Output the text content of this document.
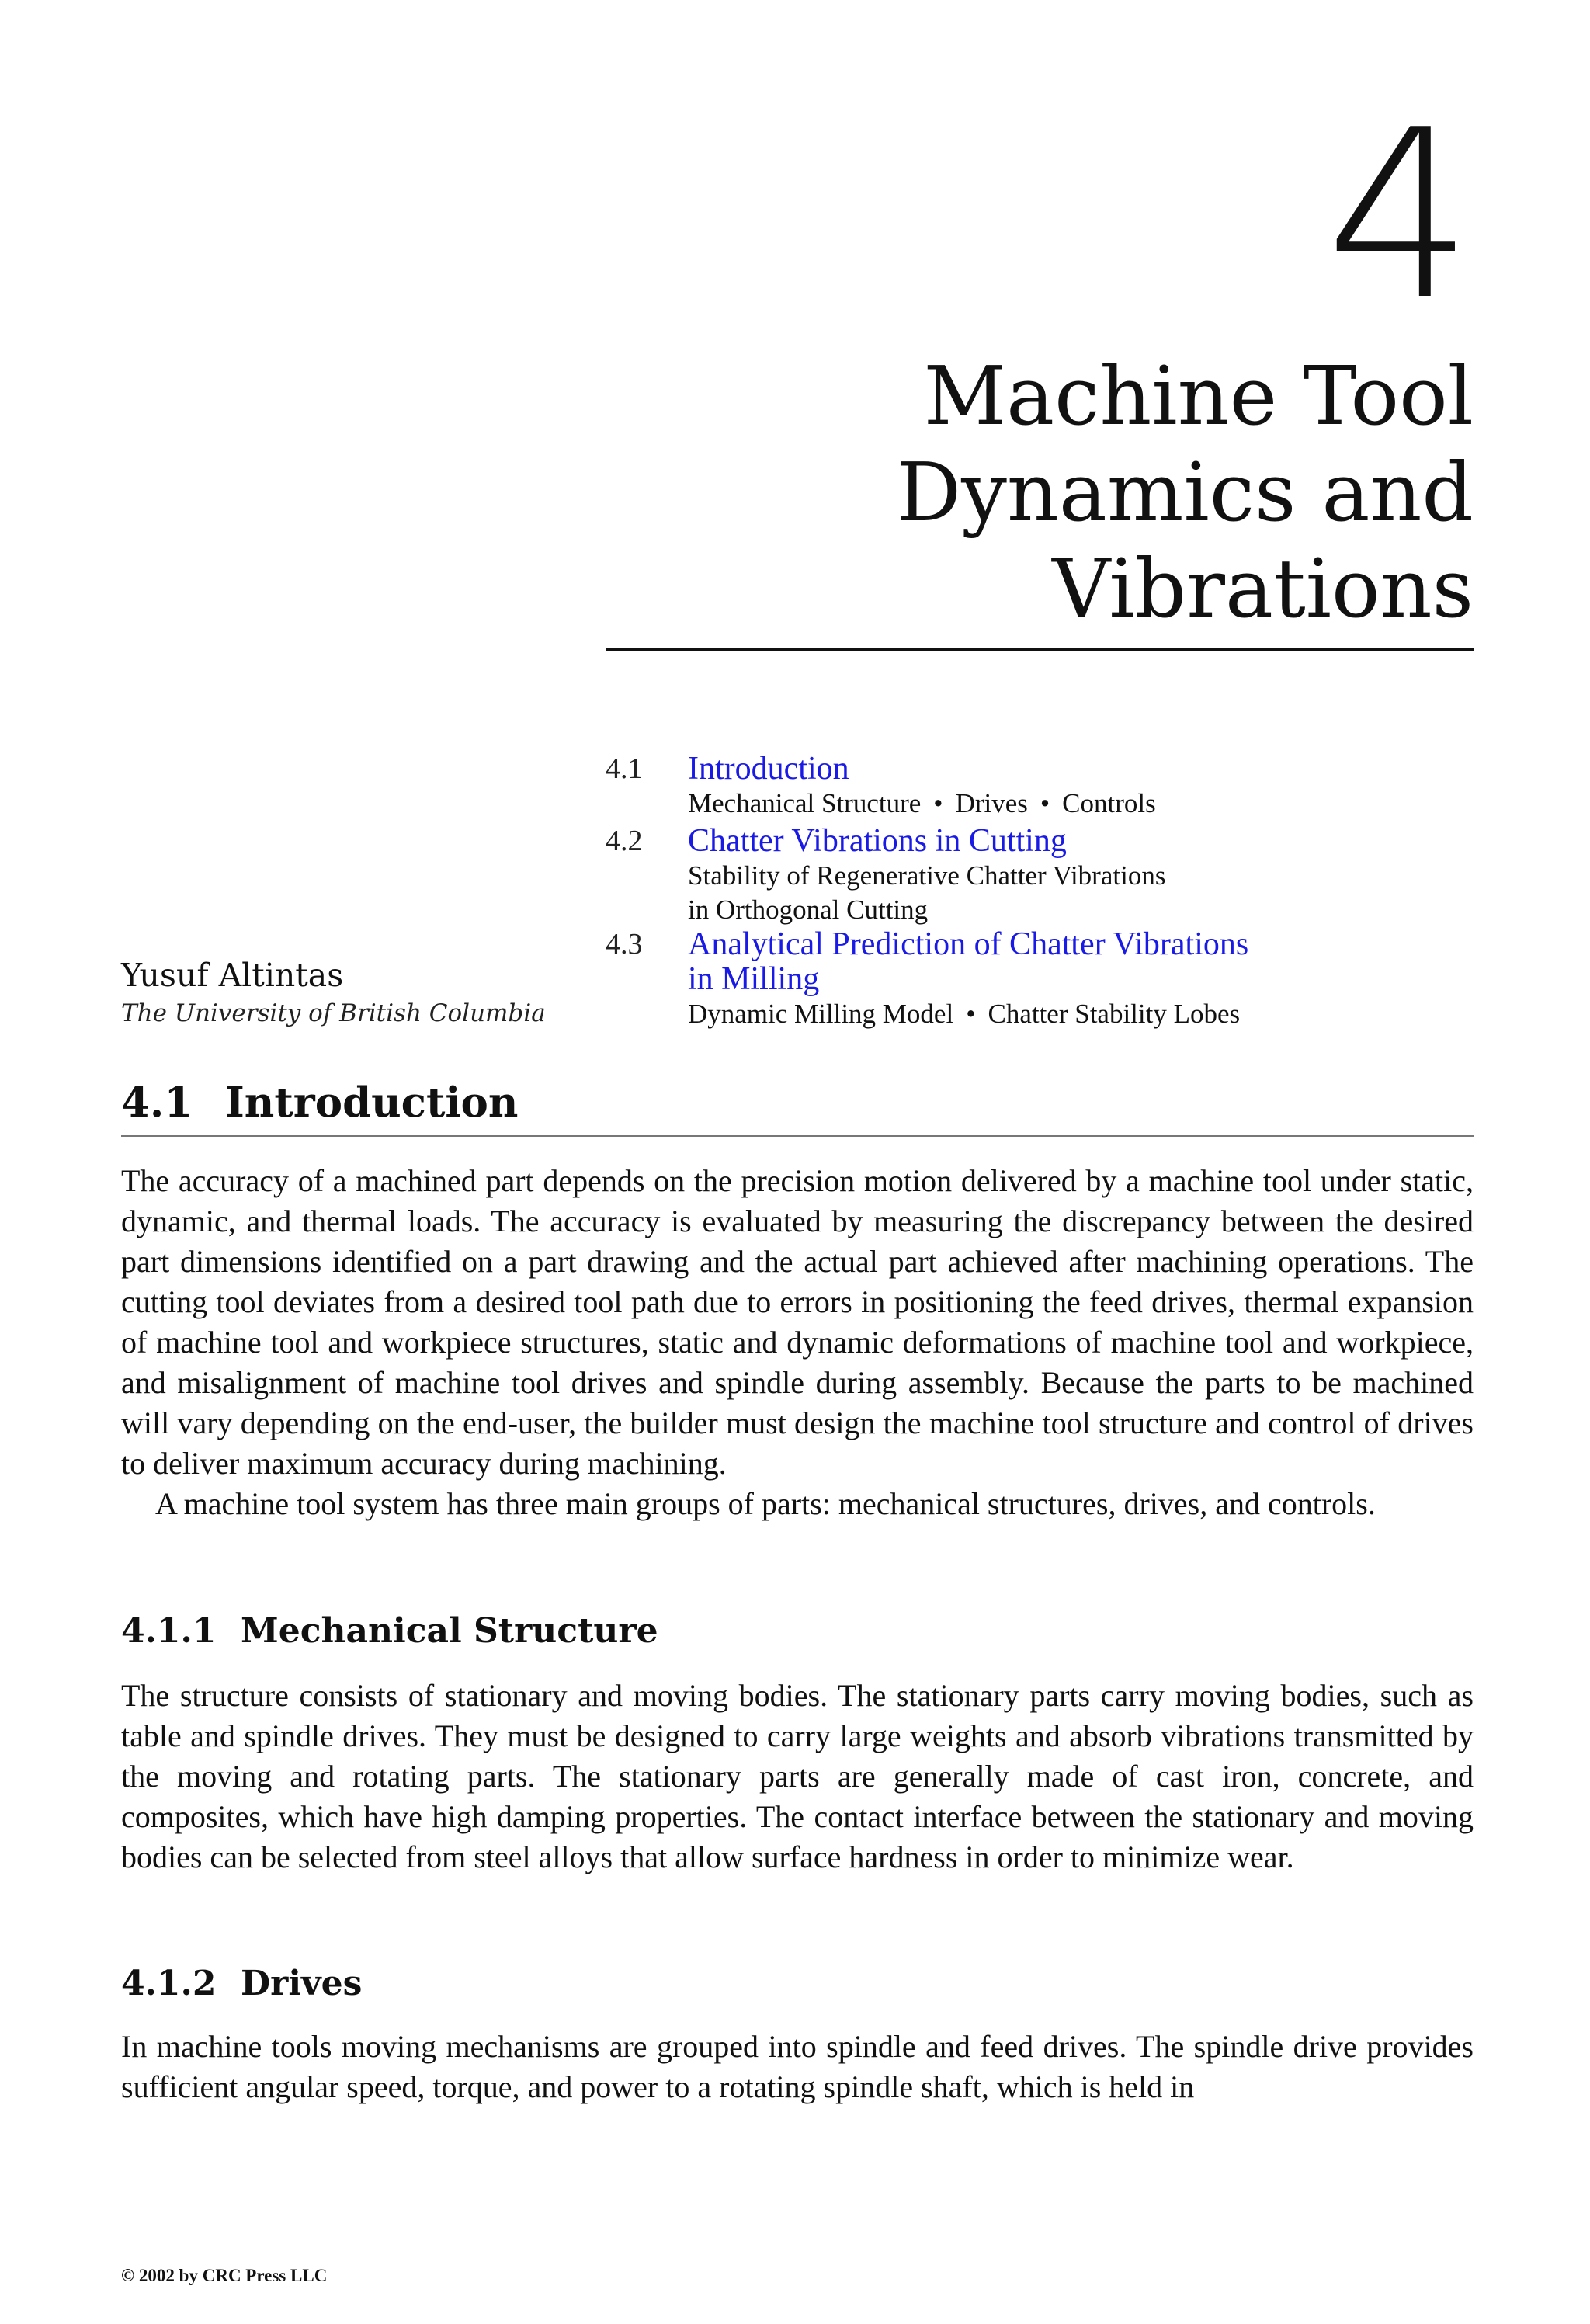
4
Machine Tool
Dynamics and
Vibrations
4.1 Introduction
Mechanical Structure • Drives • Controls
4.2 Chatter Vibrations in Cutting
Stability of Regenerative Chatter Vibrations
in Orthogonal Cutting
4.3 Analytical Prediction of Chatter Vibrations
in Milling
Dynamic Milling Model • Chatter Stability Lobes
Yusuf Altintas
The University of British Columbia
4.1 Introduction

The accuracy of a machined part depends on the precision motion delivered by a machine tool under static, dynamic, and thermal loads. The accuracy is evaluated by measuring the discrepancy between the desired part dimensions identified on a part drawing and the actual part achieved after machining operations. The cutting tool deviates from a desired tool path due to errors in positioning the feed drives, thermal expansion of machine tool and workpiece structures, static and dynamic deformations of machine tool and workpiece, and misalignment of machine tool drives and spindle during assembly. Because the parts to be machined will vary depending on the end-user, the builder must design the machine tool structure and control of drives to deliver maximum accuracy during machining.

A machine tool system has three main groups of parts: mechanical structures, drives, and controls.

4.1.1 Mechanical Structure
The structure consists of stationary and moving bodies. The stationary parts carry moving bodies, such as table and spindle drives. They must be designed to carry large weights and absorb vibrations transmitted by the moving and rotating parts. The stationary parts are generally made of cast iron, concrete, and composites, which have high damping properties. The contact interface between the stationary and moving bodies can be selected from steel alloys that allow surface hardness in order to minimize wear.
4.1.2 Drives
In machine tools moving mechanisms are grouped into spindle and feed drives. The spindle drive provides sufficient angular speed, torque, and power to a rotating spindle shaft, which is held in
© 2002 by CRC Press LLC
